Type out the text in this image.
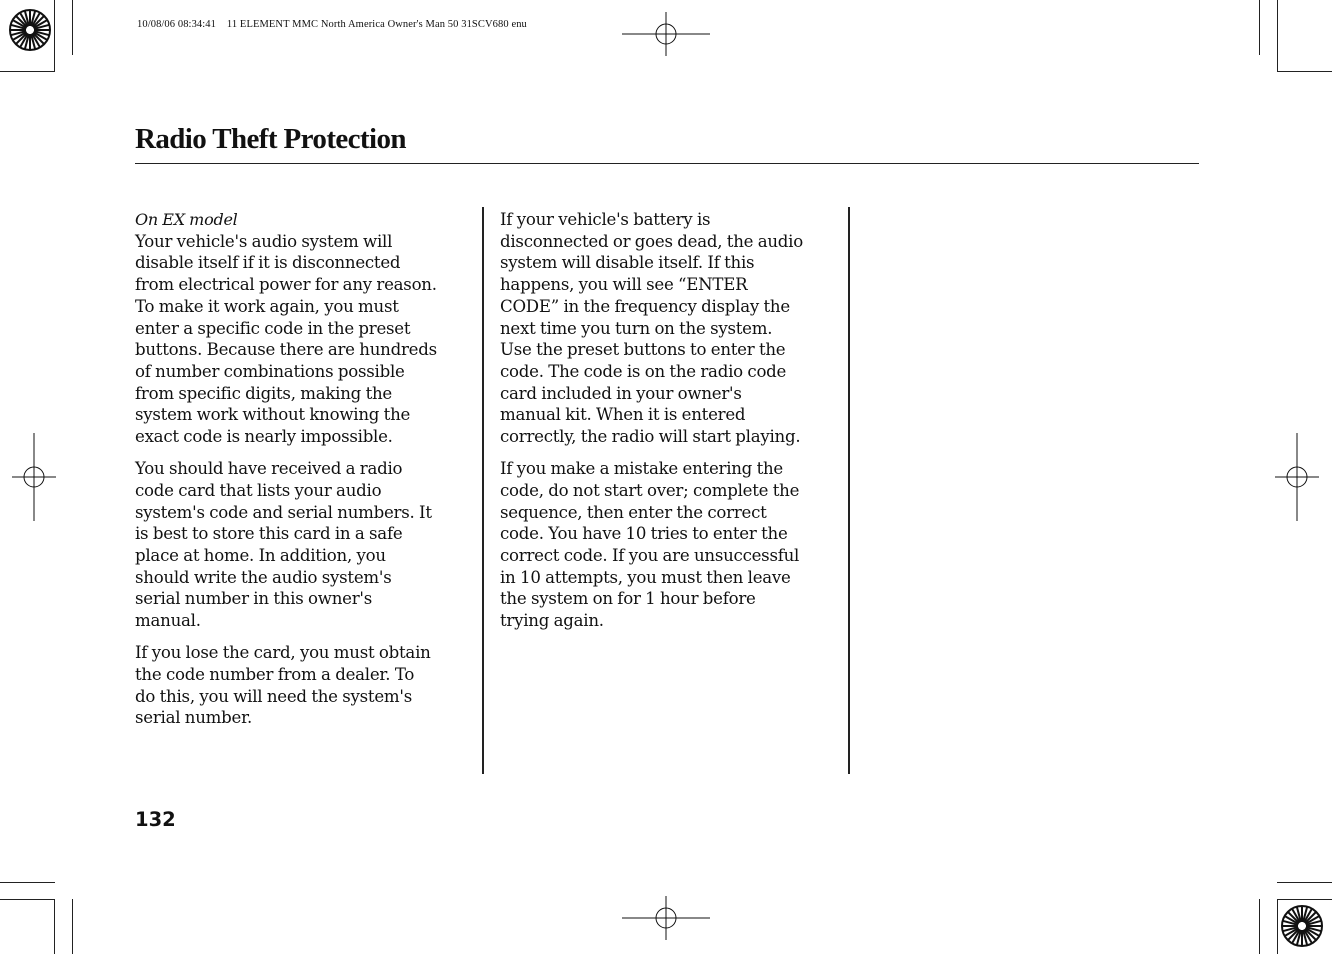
10/08/06 08:34:41    11 ELEMENT MMC North America Owner's Man 50 31SCV680 enu
Radio Theft Protection

On EX model

Your vehicle's audio system will
disable itself if it is disconnected
from electrical power for any reason.
To make it work again, you must
enter a specific code in the preset
buttons. Because there are hundreds
of number combinations possible
from specific digits, making the
system work without knowing the
exact code is nearly impossible.

You should have received a radio
code card that lists your audio
system's code and serial numbers. It
is best to store this card in a safe
place at home. In addition, you
should write the audio system's
serial number in this owner's
manual.

If you lose the card, you must obtain
the code number from a dealer. To
do this, you will need the system's
serial number.

If your vehicle's battery is
disconnected or goes dead, the audio
system will disable itself. If this
happens, you will see “ENTER
CODE” in the frequency display the
next time you turn on the system.
Use the preset buttons to enter the
code. The code is on the radio code
card included in your owner's
manual kit. When it is entered
correctly, the radio will start playing.

If you make a mistake entering the
code, do not start over; complete the
sequence, then enter the correct
code. You have 10 tries to enter the
correct code. If you are unsuccessful
in 10 attempts, you must then leave
the system on for 1 hour before
trying again.

132
